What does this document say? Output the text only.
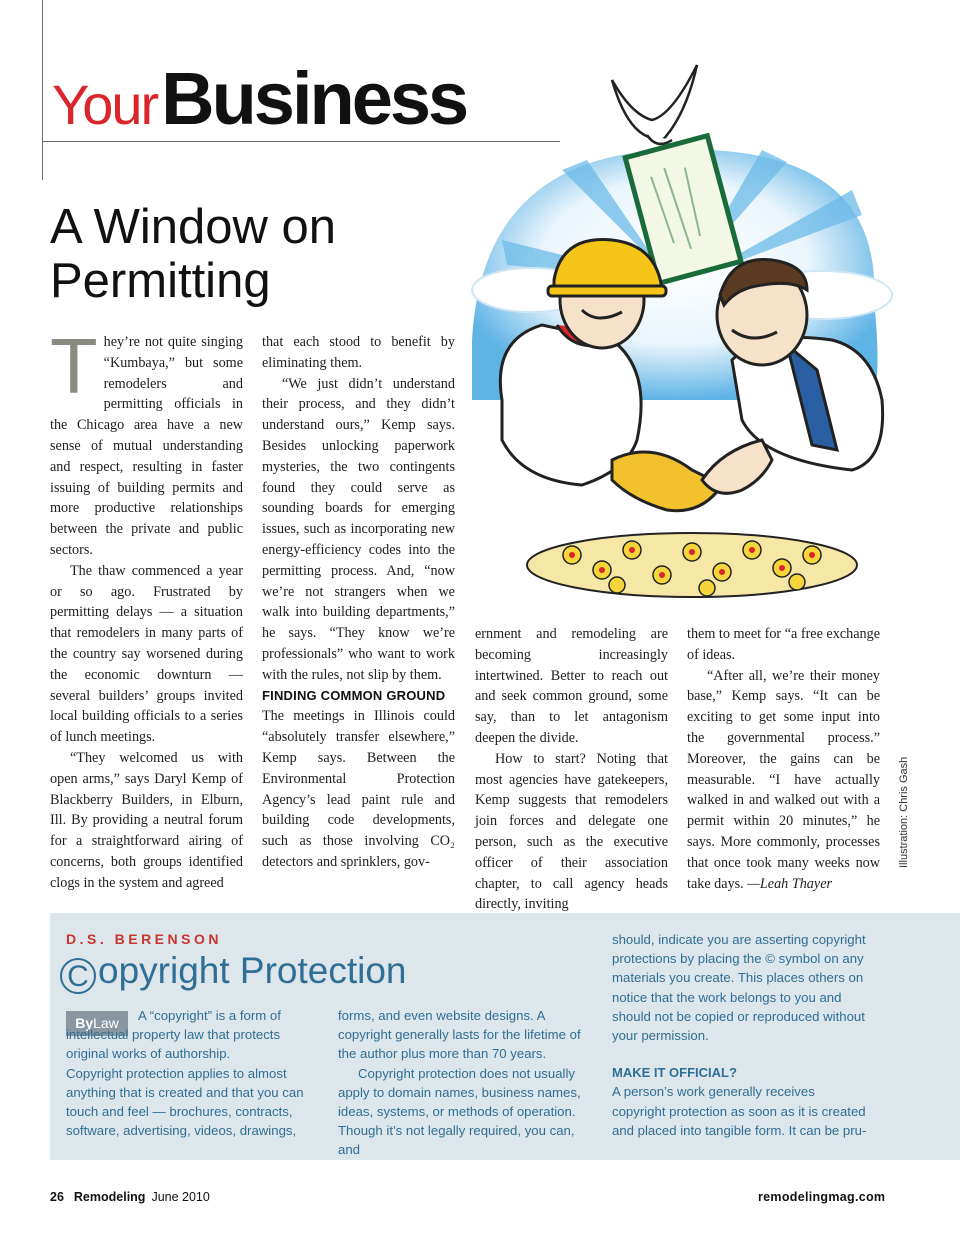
YourBusiness
A Window on
Permitting
Illustration: Chris Gash

They’re not quite singing “Kumbaya,” but some remodelers and permitting officials in the Chicago area have a new sense of mutual understanding and respect, resulting in faster issuing of building permits and more productive relationships between the private and public sectors.

The thaw commenced a year or so ago. Frustrated by permitting delays — a situation that remodelers in many parts of the country say worsened during the economic downturn — several builders’ groups invited local building officials to a series of lunch meetings.

“They welcomed us with open arms,” says Daryl Kemp of Blackberry Builders, in Elburn, Ill. By providing a neutral forum for a straightforward airing of concerns, both groups identified clogs in the system and agreed

that each stood to benefit by eliminating them.

“We just didn’t understand their process, and they didn’t understand ours,” Kemp says. Besides unlocking paperwork mysteries, the two contingents found they could serve as sounding boards for emerging issues, such as incorporating new energy-efficiency codes into the permitting process. And, “now we’re not strangers when we walk into building departments,” he says. “They know we’re professionals” who want to work with the rules, not slip by them.

FINDING COMMON GROUND

The meetings in Illinois could “absolutely transfer elsewhere,” Kemp says. Between the Environmental Protection Agency’s lead paint rule and building code developments, such as those involving CO₂ detectors and sprinklers, gov-

ernment and remodeling are becoming increasingly intertwined. Better to reach out and seek common ground, some say, than to let antagonism deepen the divide.

How to start? Noting that most agencies have gatekeepers, Kemp suggests that remodelers join forces and delegate one person, such as the executive officer of their association chapter, to call agency heads directly, inviting

them to meet for “a free exchange of ideas.

“After all, we’re their money base,” Kemp says. “It can be exciting to get some input into the governmental process.” Moreover, the gains can be measurable. “I have actually walked in and walked out with a permit within 20 minutes,” he says. More commonly, processes that once took many weeks now take days. —Leah Thayer

D.S. BERENSON
C opyright Protection
ByLaw	A “copyright” is a form of intellectual property law that protects original works of authorship.

Copyright protection applies to almost anything that is created and that you can touch and feel — brochures, contracts, software, advertising, videos, drawings,

forms, and even website designs. A copyright generally lasts for the lifetime of the author plus more than 70 years.

Copyright protection does not usually apply to domain names, business names, ideas, systems, or methods of operation. Though it’s not legally required, you can, and

should, indicate you are asserting copyright protections by placing the © symbol on any materials you create. This places others on notice that the work belongs to you and should not be copied or reproduced without your permission.

MAKE IT OFFICIAL?

A person’s work generally receives copyright protection as soon as it is created and placed into tangible form. It can be pru-

26 Remodeling June 2010	remodelingmag.com
